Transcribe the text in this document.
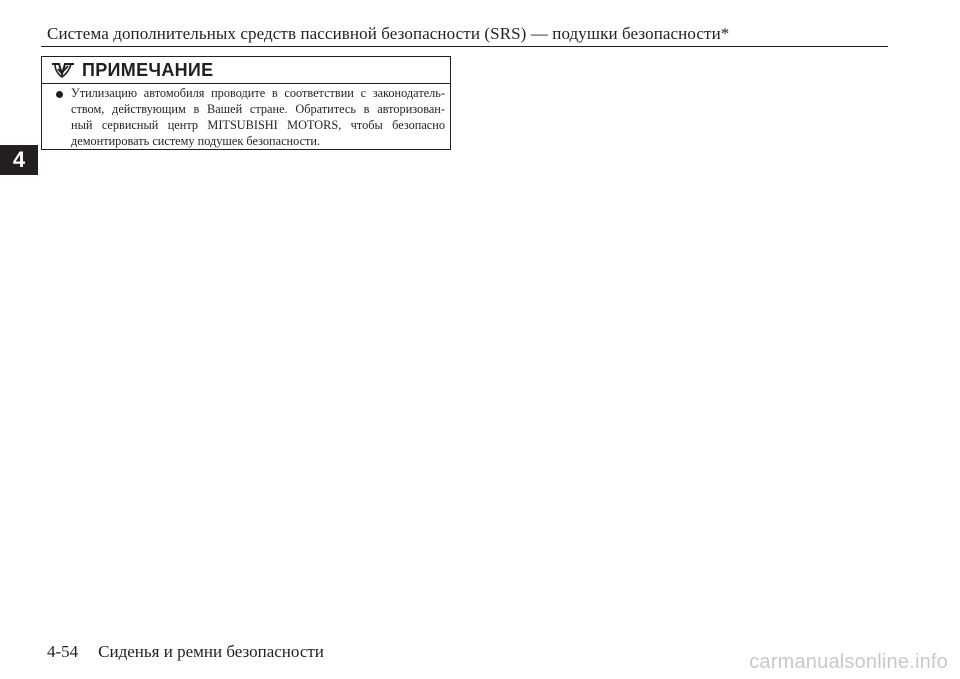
Система дополнительных средств пассивной безопасности (SRS) — подушки безопасности*
4
ПРИМЕЧАНИЕ
Утилизацию автомобиля проводите в соответствии с законодатель-
ством, действующим в Вашей стране. Обратитесь в авторизован-
ный сервисный центр MITSUBISHI MOTORS, чтобы безопасно
демонтировать систему подушек безопасности.
4-54 Сиденья и ремни безопасности	carmanualsonline.info
